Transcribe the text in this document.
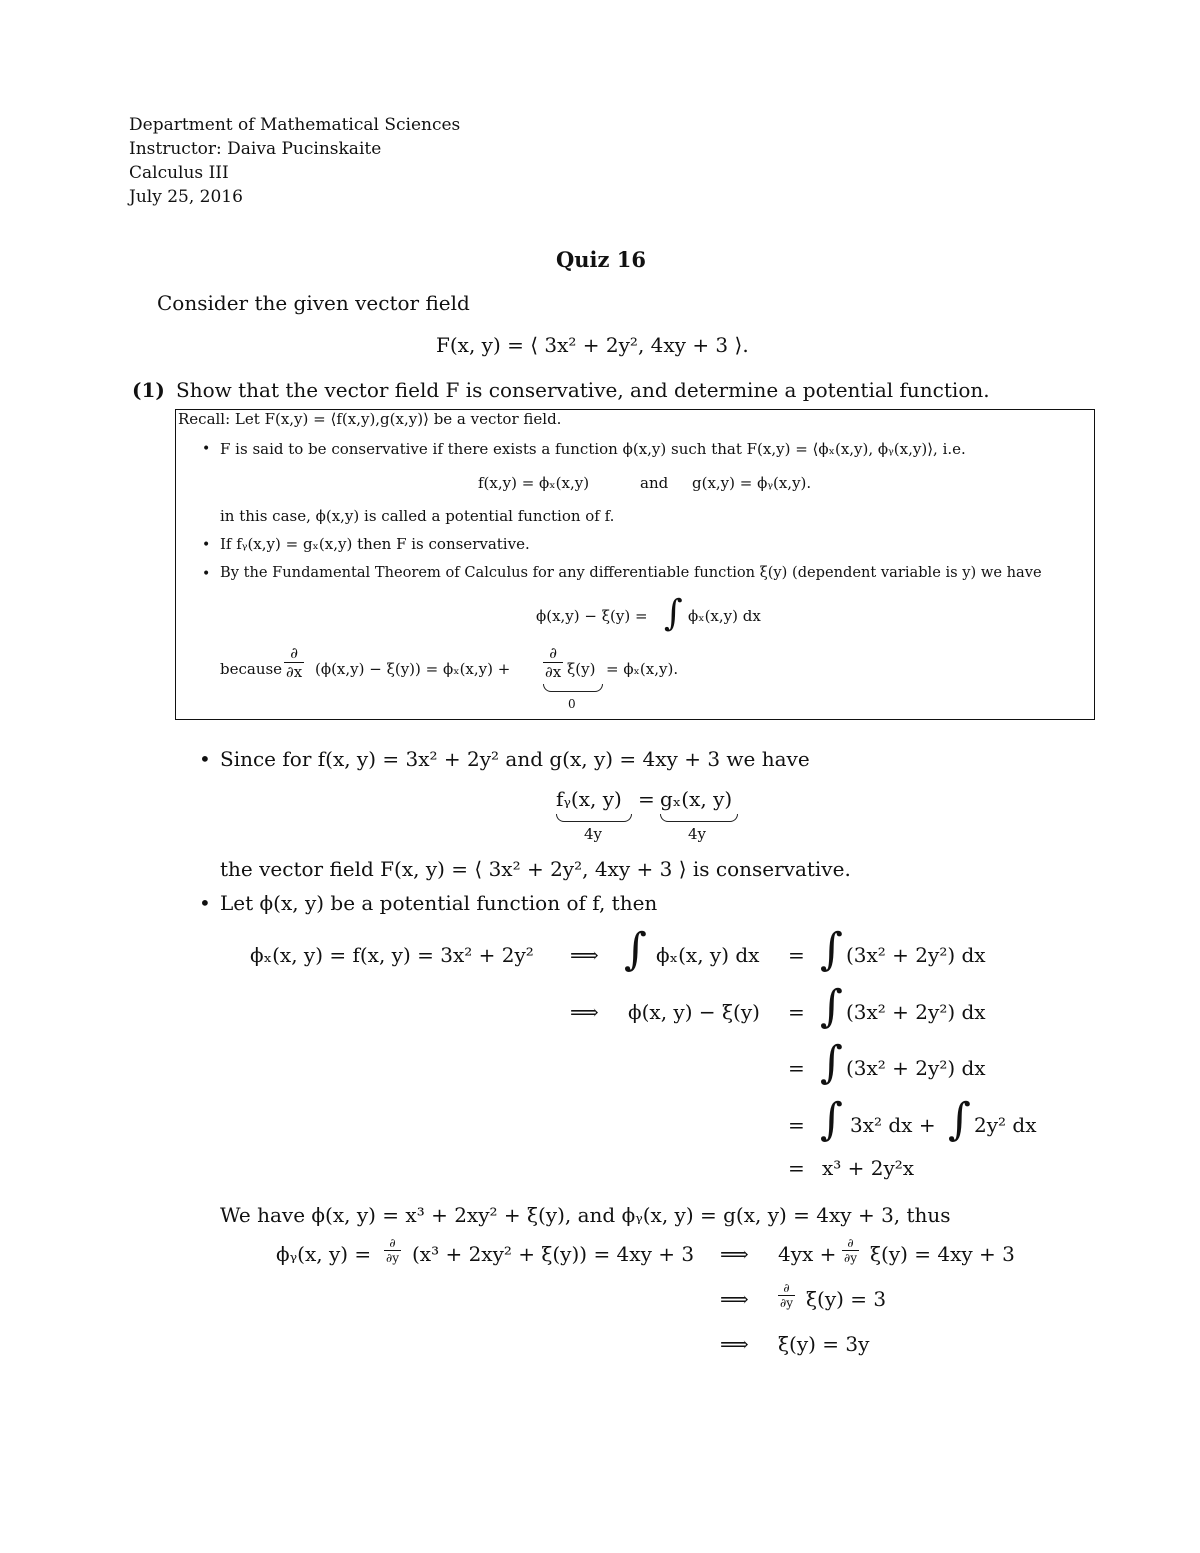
Department of Mathematical Sciences
Instructor: Daiva Pucinskaite
Calculus III
July 25, 2016
Quiz 16
Consider the given vector field
F(x, y) = ⟨ 3x² + 2y², 4xy + 3 ⟩.
(1) Show that the vector field F is conservative, and determine a potential function.
Recall: Let F(x,y) = ⟨f(x,y),g(x,y)⟩ be a vector field.
• F is said to be conservative if there exists a function ϕ(x,y) such that F(x,y) = ⟨ϕₓ(x,y), ϕᵧ(x,y)⟩, i.e.
f(x,y) = ϕₓ(x,y)	and g(x,y) = ϕᵧ(x,y).
in this case, ϕ(x,y) is called a potential function of f.
• If fᵧ(x,y) = gₓ(x,y) then F is conservative.
• By the Fundamental Theorem of Calculus for any differentiable function ξ(y) (dependent variable is y) we have
ϕ(x,y) − ξ(y) = ∫ ϕₓ(x,y) dx
because
∂
∂x (ϕ(x,y) − ξ(y)) = ϕₓ(x,y) +
∂
∂x ξ(y) = ϕₓ(x,y).
0
• Since for f(x, y) = 3x² + 2y² and g(x, y) = 4xy + 3 we have
fᵧ(x, y) = gₓ(x, y)
4y	4y
the vector field F(x, y) = ⟨ 3x² + 2y², 4xy + 3 ⟩ is conservative.
• Let ϕ(x, y) be a potential function of f, then
ϕₓ(x, y) = f(x, y) = 3x² + 2y² ⟹ ∫ ϕₓ(x, y) dx = ∫ (3x² + 2y²) dx
⟹ ϕ(x, y) − ξ(y) = ∫ (3x² + 2y²) dx
= ∫ (3x² + 2y²) dx
= ∫ 3x² dx + ∫ 2y² dx
= x³ + 2y²x
We have ϕ(x, y) = x³ + 2xy² + ξ(y), and ϕᵧ(x, y) = g(x, y) = 4xy + 3, thus
ϕᵧ(x, y) =	∂
∂y (x³ + 2xy² + ξ(y)) = 4xy + 3 ⟹ 4yx + ∂
∂y ξ(y) = 4xy + 3
⟹	∂
∂y ξ(y) = 3
⟹ ξ(y) = 3y
